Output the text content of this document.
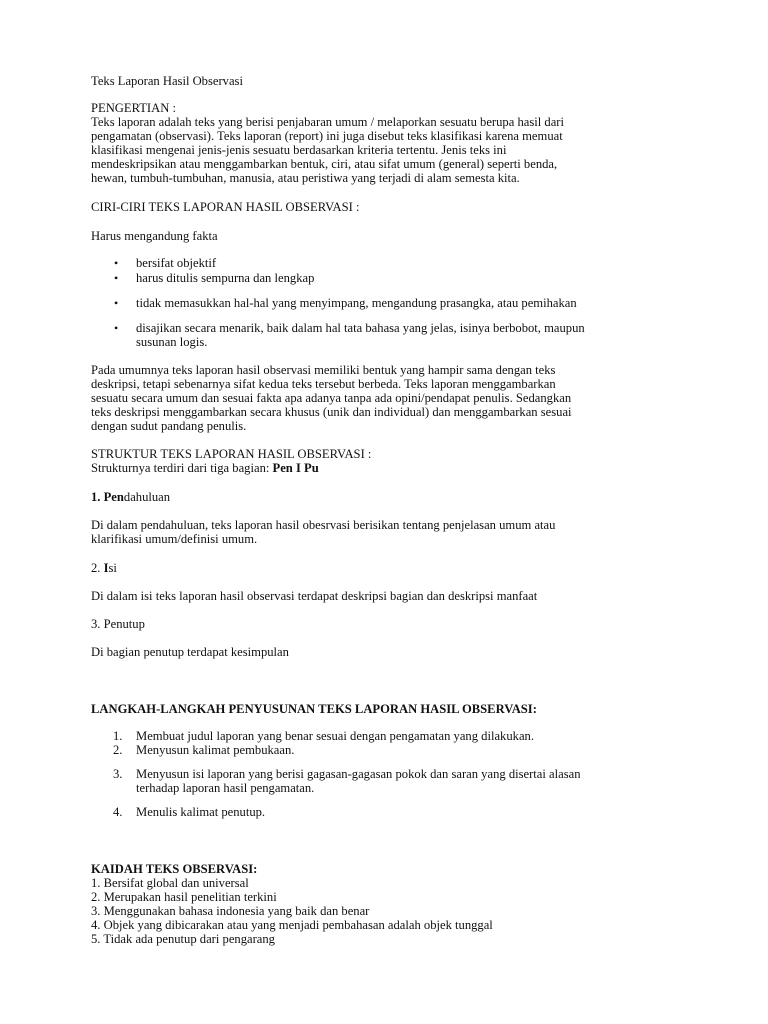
Teks Laporan Hasil Observasi
PENGERTIAN :
Teks laporan adalah teks yang berisi penjabaran umum / melaporkan sesuatu berupa hasil dari
pengamatan (observasi). Teks laporan (report) ini juga disebut teks klasifikasi karena memuat
klasifikasi mengenai jenis-jenis sesuatu berdasarkan kriteria tertentu. Jenis teks ini
mendeskripsikan atau menggambarkan bentuk, ciri, atau sifat umum (general) seperti benda,
hewan, tumbuh-tumbuhan, manusia, atau peristiwa yang terjadi di alam semesta kita.
CIRI-CIRI TEKS LAPORAN HASIL OBSERVASI :
Harus mengandung fakta
• bersifat objektif
• harus ditulis sempurna dan lengkap
• tidak memasukkan hal-hal yang menyimpang, mengandung prasangka, atau pemihakan
• disajikan secara menarik, baik dalam hal tata bahasa yang jelas, isinya berbobot, maupun
susunan logis.
Pada umumnya teks laporan hasil observasi memiliki bentuk yang hampir sama dengan teks
deskripsi, tetapi sebenarnya sifat kedua teks tersebut berbeda. Teks laporan menggambarkan
sesuatu secara umum dan sesuai fakta apa adanya tanpa ada opini/pendapat penulis. Sedangkan
teks deskripsi menggambarkan secara khusus (unik dan individual) dan menggambarkan sesuai
dengan sudut pandang penulis.
STRUKTUR TEKS LAPORAN HASIL OBSERVASI :
Strukturnya terdiri dari tiga bagian: Pen I Pu
1. Pendahuluan
Di dalam pendahuluan, teks laporan hasil obesrvasi berisikan tentang penjelasan umum atau
klarifikasi umum/definisi umum.
2. Isi
Di dalam isi teks laporan hasil observasi terdapat deskripsi bagian dan deskripsi manfaat
3. Penutup
Di bagian penutup terdapat kesimpulan
LANGKAH-LANGKAH PENYUSUNAN TEKS LAPORAN HASIL OBSERVASI:
1. Membuat judul laporan yang benar sesuai dengan pengamatan yang dilakukan.
2. Menyusun kalimat pembukaan.
3. Menyusun isi laporan yang berisi gagasan-gagasan pokok dan saran yang disertai alasan
terhadap laporan hasil pengamatan.
4. Menulis kalimat penutup.
KAIDAH TEKS OBSERVASI:
1. Bersifat global dan universal
2. Merupakan hasil penelitian terkini
3. Menggunakan bahasa indonesia yang baik dan benar
4. Objek yang dibicarakan atau yang menjadi pembahasan adalah objek tunggal
5. Tidak ada penutup dari pengarang
